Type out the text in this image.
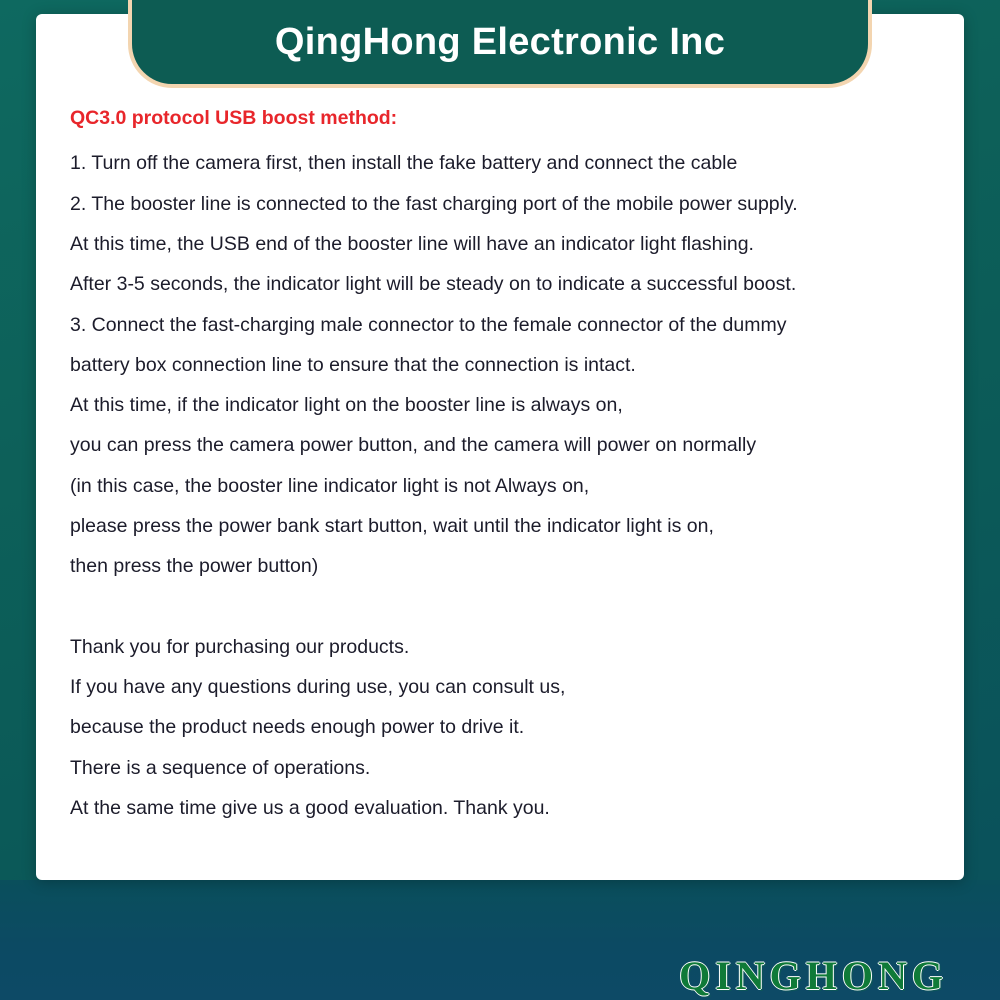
QingHong Electronic Inc

QC3.0 protocol USB boost method:

1. Turn off the camera first, then install the fake battery and connect the cable
2. The booster line is connected to the fast charging port of the mobile power supply.
At this time, the USB end of the booster line will have an indicator light flashing.
After 3-5 seconds, the indicator light will be steady on to indicate a successful boost.
3. Connect the fast-charging male connector to the female connector of the dummy
battery box connection line to ensure that the connection is intact.
At this time, if the indicator light on the booster line is always on,
you can press the camera power button, and the camera will power on normally
(in this case, the booster line indicator light is not Always on,
please press the power bank start button, wait until the indicator light is on,
then press the power button)
Thank you for purchasing our products.
If you have any questions during use, you can consult us,
because the product needs enough power to drive it.
There is a sequence of operations.
At the same time give us a good evaluation. Thank you.
QINGHONG
